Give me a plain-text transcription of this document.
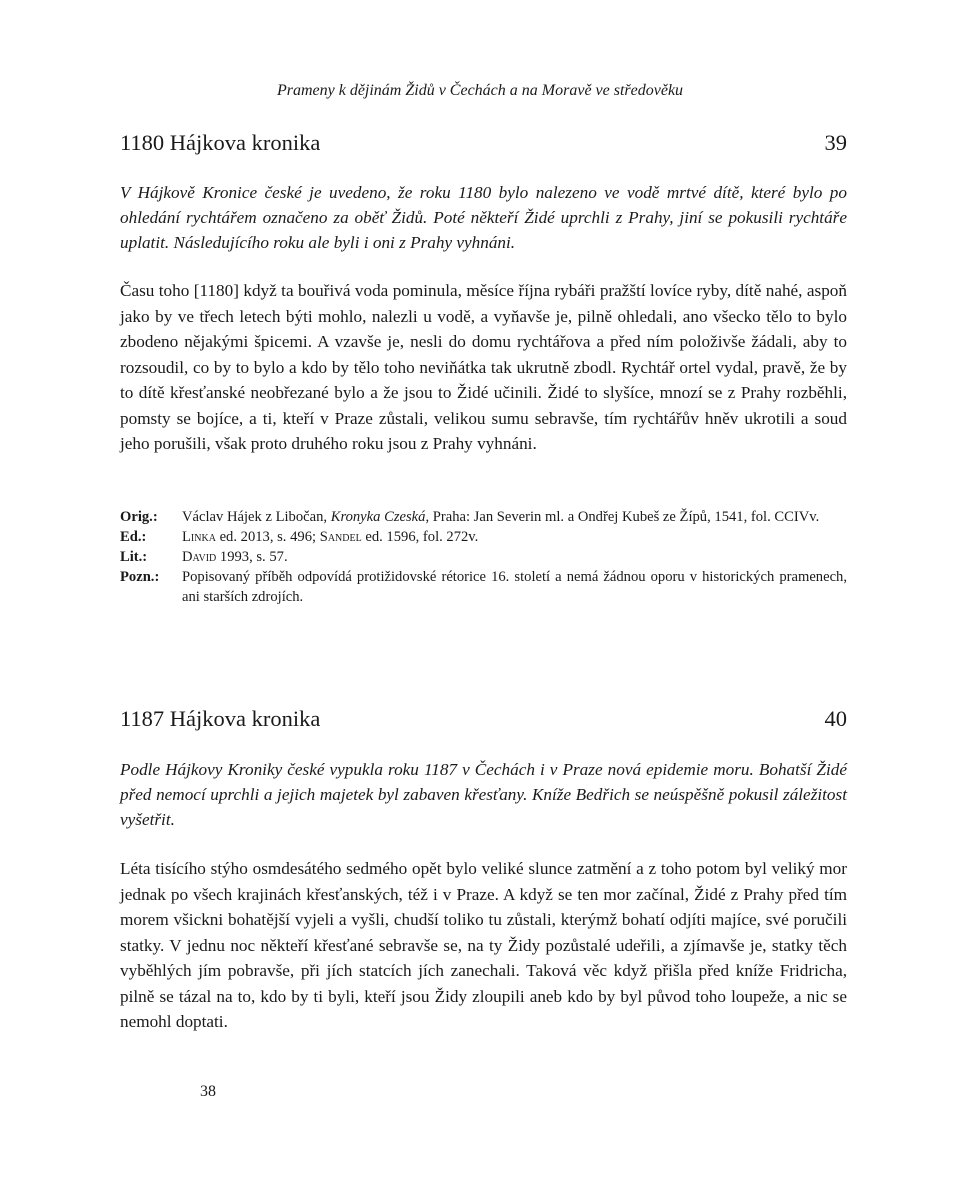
Prameny k dějinám Židů v Čechách a na Moravě ve středověku
1180 Hájkova kronika	39

V Hájkově Kronice české je uvedeno, že roku 1180 bylo nalezeno ve vodě mrtvé dítě, které bylo po ohledání rychtářem označeno za oběť Židů. Poté někteří Židé uprchli z Prahy, jiní se pokusili rychtáře uplatit. Následujícího roku ale byli i oni z Prahy vyhnáni.

Času toho [1180] když ta bouřivá voda pominula, měsíce října rybáři pražští lovíce ryby, dítě nahé, aspoň jako by ve třech letech býti mohlo, nalezli u vodě, a vyňavše je, pilně ohledali, ano všecko tělo to bylo zbodeno nějakými špicemi. A vzavše je, nesli do domu rychtářova a před ním položivše žádali, aby to rozsoudil, co by to bylo a kdo by tělo toho neviňátka tak ukrutně zbodl. Rychtář ortel vydal, pravě, že by to dítě křesťanské neobřezané bylo a že jsou to Židé učinili. Židé to slyšíce, mnozí se z Prahy rozběhli, pomsty se bojíce, a ti, kteří v Praze zůstali, velikou sumu sebravše, tím rychtářův hněv ukrotili a soud jeho porušili, však proto druhého roku jsou z Prahy vyhnáni.

Orig.:	Václav Hájek z Libočan, Kronyka Czeská, Praha: Jan Severin ml. a Ondřej Kubeš ze Žípů, 1541, fol. CCIVv.
Ed.:	Linka ed. 2013, s. 496; Sandel ed. 1596, fol. 272v.
Lit.:	David 1993, s. 57.
Pozn.:	Popisovaný příběh odpovídá protižidovské rétorice 16. století a nemá žádnou oporu v historických pramenech, ani starších zdrojích.
1187 Hájkova kronika	40

Podle Hájkovy Kroniky české vypukla roku 1187 v Čechách i v Praze nová epidemie moru. Bohatší Židé před nemocí uprchli a jejich majetek byl zabaven křesťany. Kníže Bedřich se neúspěšně pokusil záležitost vyšetřit.

Léta tisícího stýho osmdesátého sedmého opět bylo veliké slunce zatmění a z toho potom byl veliký mor jednak po všech krajinách křesťanských, též i v Praze. A když se ten mor začínal, Židé z Prahy před tím morem všickni bohatější vyjeli a vyšli, chudší toliko tu zůstali, kterýmž bohatí odjíti majíce, své poručili statky. V jednu noc někteří křesťané sebravše se, na ty Židy pozůstalé udeřili, a zjímavše je, statky těch vyběhlých jím pobravše, při jích statcích jích zanechali. Taková věc když přišla před kníže Fridricha, pilně se tázal na to, kdo by ti byli, kteří jsou Židy zloupili aneb kdo by byl původ toho loupeže, a nic se nemohl doptati.

38
